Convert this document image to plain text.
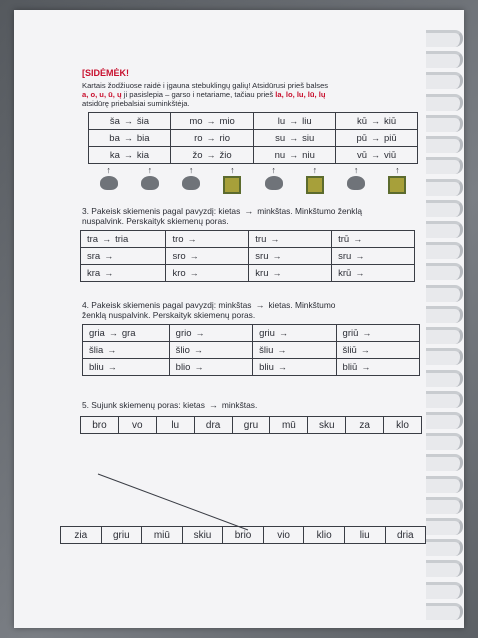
[SIDĖMĖK!
Kartais žodžiuose raidė i įgauna stebuklingų galių! Atsidūrusi prieš balses
a, o, u, ū, ų ji pasislepia – garso i netariame, tačiau prieš la, lo, lu, lū, lų
atsidūrę priebalsiai suminkštėja.
ša → šia	mo → mio	lu → liu	kū → kiū
ba → bia	ro → rio	su → siu	pū → piū
ka → kia	žo → žio	nu → niu	vū → viū
↑	↑	↑	↑	↑	↑	↑	↑
3. Pakeisk skiemenis pagal pavyzdį: kietas → minkštas. Minkštumo ženklą
nuspalvink. Perskaityk skiemenų poras.
tra → tria	tro →	tru →	trū →
sra →	sro →	sru →	sru →
kra →	kro →	kru →	krū →
4. Pakeisk skiemenis pagal pavyzdį: minkštas → kietas. Minkštumo
ženklą nuspalvink. Perskaityk skiemenų poras.
gria → gra	grio →	griu →	griū →
šlia →	šlio →	šliu →	šliū →
bliu →	blio →	bliu →	bliū →
5. Sujunk skiemenų poras: kietas → minkštas.
bro	vo	lu	dra	gru	mū	sku	za	klo
zia	griu	miū	skiu	brio	vio	klio	liu	dria
